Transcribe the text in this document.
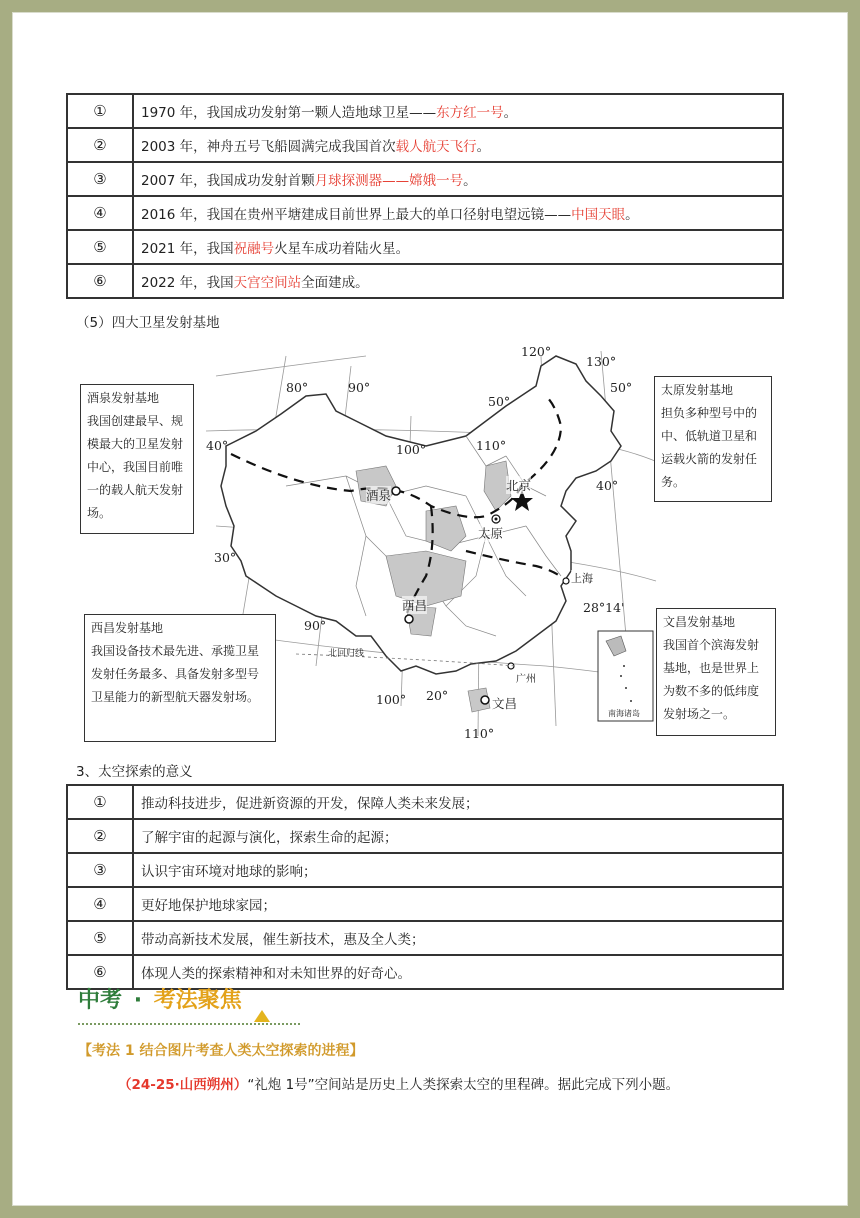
①	1970 年，我国成功发射第一颗人造地球卫星——东方红一号。
②	2003 年，神舟五号飞船圆满完成我国首次载人航天飞行。
③	2007 年，我国成功发射首颗月球探测器——嫦娥一号。
④	2016 年，我国在贵州平塘建成目前世界上最大的单口径射电望远镜——中国天眼。
⑤	2021 年，我国祝融号火星车成功着陆火星。
⑥	2022 年，我国天宫空间站全面建成。
（5）四大卫星发射基地
80°	90°
100°	110°
120°
130°
50°
50°
40°
40°
30°
20°
90°
100°
110°
28°14'
酒泉
北京
太原
上海
西昌
广州
文昌
北回归线
南海诸岛
酒泉发射基地
我国创建最早、规模最大的卫星发射中心，我国目前唯一的载人航天发射场。
太原发射基地
担负多种型号中的中、低轨道卫星和运载火箭的发射任务。
西昌发射基地
我国设备技术最先进、承揽卫星发射任务最多、具备发射多型号卫星能力的新型航天器发射场。
文昌发射基地
我国首个滨海发射基地，也是世界上为数不多的低纬度发射场之一。
3、太空探索的意义
①	推动科技进步，促进新资源的开发，保障人类未来发展；
②	了解宇宙的起源与演化，探索生命的起源；
③	认识宇宙环境对地球的影响；
④	更好地保护地球家园；
⑤	带动高新技术发展，催生新技术，惠及全人类；
⑥	体现人类的探索精神和对未知世界的好奇心。
中考 · 考法聚焦
【考法 1 结合图片考查人类太空探索的进程】
（24-25·山西朔州）“礼炮 1号”空间站是历史上人类探索太空的里程碑。据此完成下列小题。
